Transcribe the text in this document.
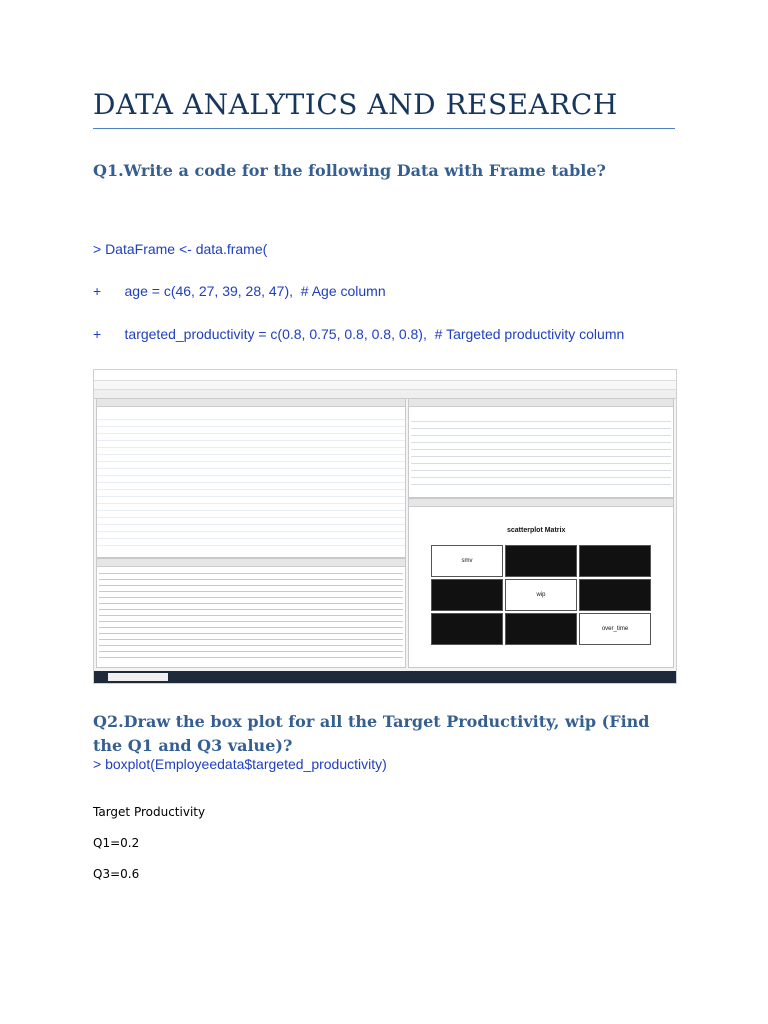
DATA ANALYTICS AND RESEARCH

Q1.Write a code for the following Data with Frame table?

> DataFrame <- data.frame(

+      age = c(46, 27, 39, 28, 47),  # Age column

+      targeted_productivity = c(0.8, 0.75, 0.8, 0.8, 0.8),  # Targeted productivity column

scatterplot Matrix
smv
wip
over_time

Q2.Draw the box plot for all the Target Productivity, wip (Find the Q1 and Q3 value)?

> boxplot(Employeedata$targeted_productivity)

Target Productivity

Q1=0.2

Q3=0.6
